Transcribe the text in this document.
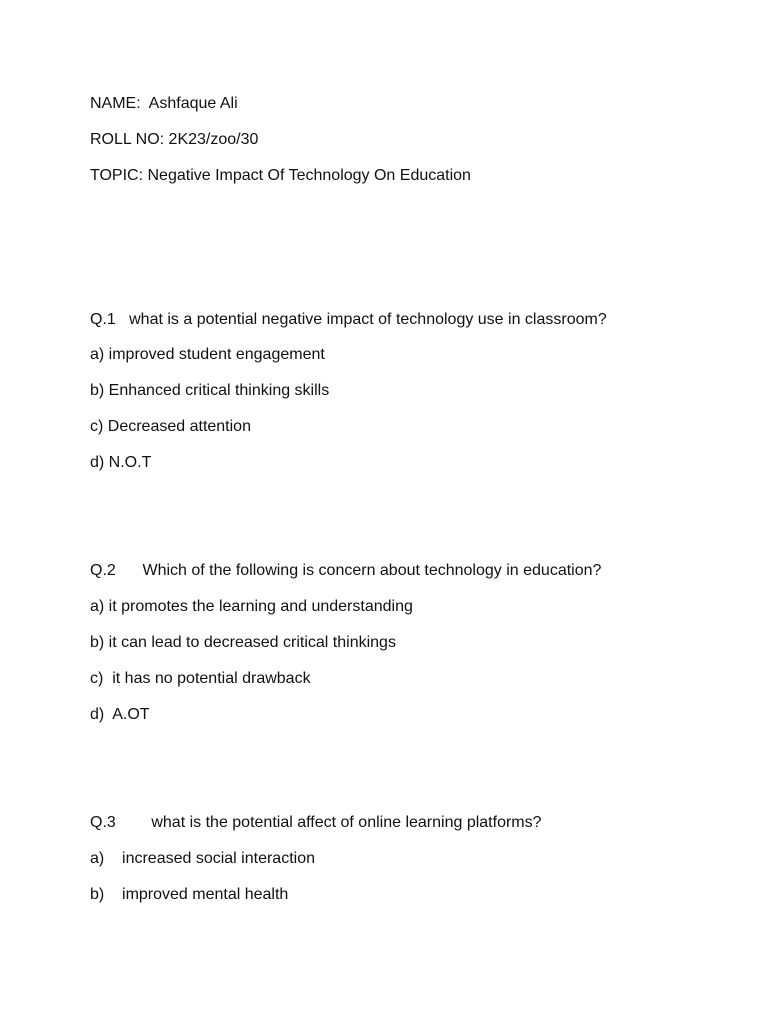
NAME:  Ashfaque Ali
ROLL NO: 2K23/zoo/30
TOPIC: Negative Impact Of Technology On Education
Q.1   what is a potential negative impact of technology use in classroom?
a) improved student engagement
b) Enhanced critical thinking skills
c) Decreased attention
d) N.O.T
Q.2      Which of the following is concern about technology in education?
a) it promotes the learning and understanding
b) it can lead to decreased critical thinkings
c)  it has no potential drawback
d)  A.OT
Q.3        what is the potential affect of online learning platforms?
a)    increased social interaction
b)    improved mental health
